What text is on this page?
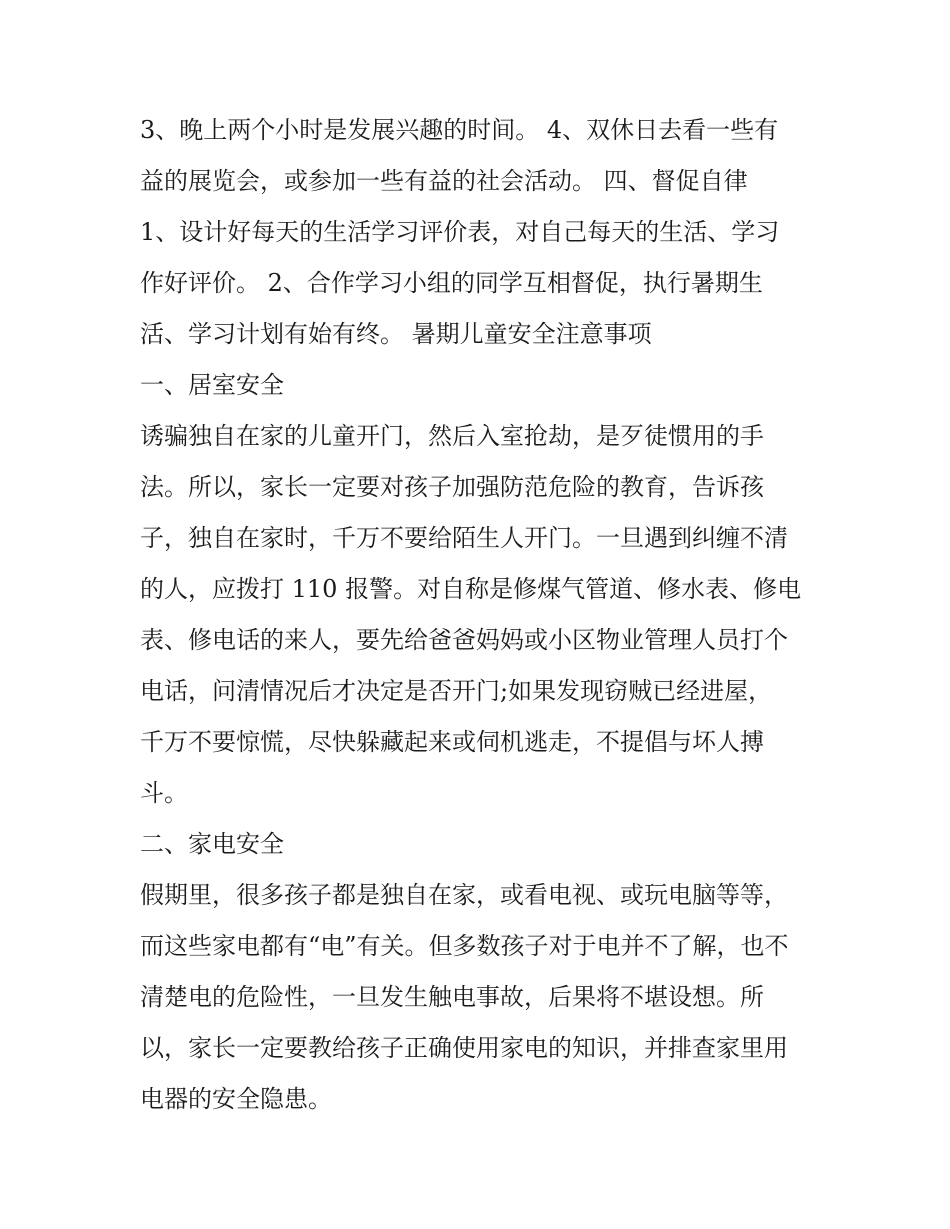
3、晚上两个小时是发展兴趣的时间。 4、双休日去看一些有
益的展览会，或参加一些有益的社会活动。 四、督促自律
1、设计好每天的生活学习评价表，对自己每天的生活、学习
作好评价。 2、合作学习小组的同学互相督促，执行暑期生
活、学习计划有始有终。 暑期儿童安全注意事项
一、居室安全
诱骗独自在家的儿童开门，然后入室抢劫，是歹徒惯用的手
法。所以，家长一定要对孩子加强防范危险的教育，告诉孩
子，独自在家时，千万不要给陌生人开门。一旦遇到纠缠不清
的人，应拨打 110 报警。对自称是修煤气管道、修水表、修电
表、修电话的来人，要先给爸爸妈妈或小区物业管理人员打个
电话，问清情况后才决定是否开门;如果发现窃贼已经进屋，
千万不要惊慌，尽快躲藏起来或伺机逃走，不提倡与坏人搏
斗。
二、家电安全
假期里，很多孩子都是独自在家，或看电视、或玩电脑等等，
而这些家电都有“电”有关。但多数孩子对于电并不了解，也不
清楚电的危险性，一旦发生触电事故，后果将不堪设想。所
以，家长一定要教给孩子正确使用家电的知识，并排查家里用
电器的安全隐患。
